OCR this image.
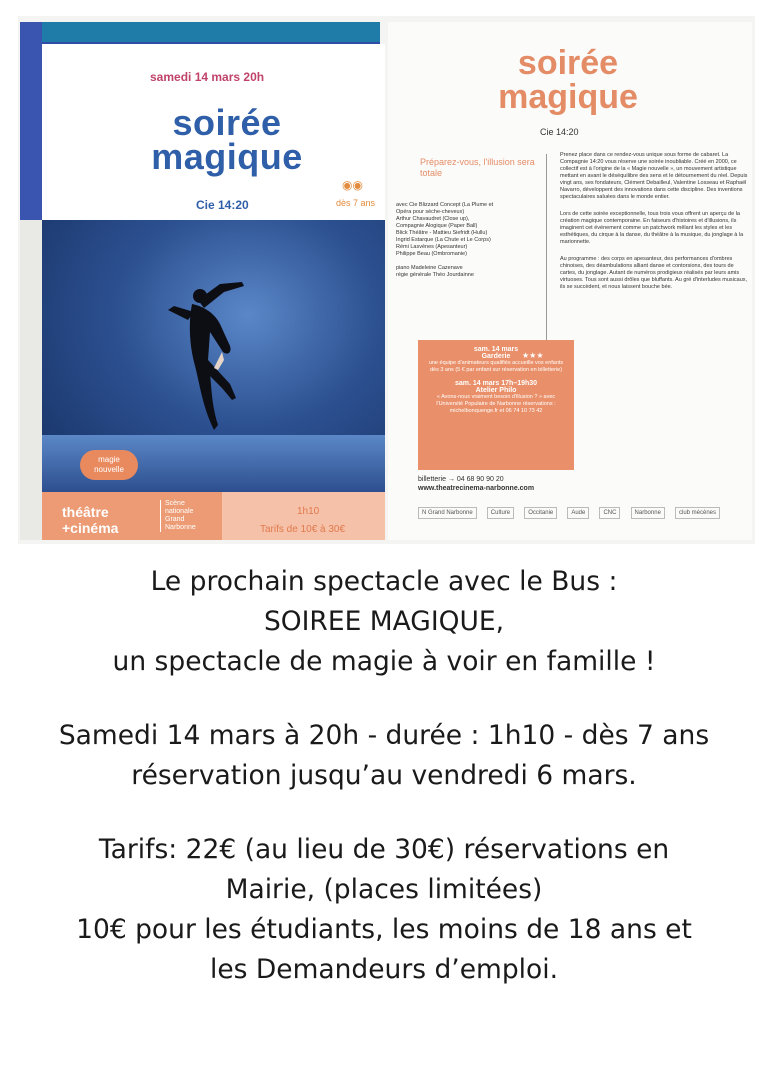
samedi 14 mars 20h
soirée
magique
Cie 14:20
◉◉
dès 7 ans
magie
nouvelle
théâtre
+cinéma
Scène
nationale
Grand
Narbonne
1h10
Tarifs de 10€ à 30€
soirée
magique
Cie 14:20
Préparez-vous, l'illusion sera totale
avec Cie Blizzard Concept (La Plume et
Opéra pour sèche-cheveux)
Arthur Chavaudret (Close up),
Compagnie Alogique (Paper Ball)
Blick Théâtre - Mattieu Siefridt (Hullu)
Ingrid Estarque (La Chute et Le Corps)
Rémi Lasvènes (Apesanteur)
Philippe Beau (Ombromanie)
piano Madeleine Cazenave
régie générale Théo Jourdainne

Prenez place dans ce rendez-vous unique sous forme de cabaret. La Compagnie 14:20 vous réserve une soirée inoubliable. Créé en 2000, ce collectif est à l'origine de la « Magie nouvelle », un mouvement artistique mettant en avant le déséquilibre des sens et le détournement du réel. Depuis vingt ans, ses fondateurs, Clément Debailleul, Valentine Losseau et Raphaël Navarro, développent des innovations dans cette discipline. Des inventions spectaculaires saluées dans le monde entier.

Lors de cette soirée exceptionnelle, tous trois vous offrent un aperçu de la création magique contemporaine. En faiseurs d'histoires et d'illusions, ils imaginent cet événement comme un patchwork mêlant les styles et les esthétiques, du cirque à la danse, du théâtre à la musique, du jonglage à la marionnette.

Au programme : des corps en apesanteur, des performances d'ombres chinoises, des déambulations alliant danse et contorsions, des tours de cartes, du jonglage. Autant de numéros prodigieux réalisés par leurs amis virtuoses. Tous sont aussi drôles que bluffants. Au gré d'interludes musicaux, ils se succèdent, et nous laissent bouche bée.

sam. 14 mars
Garderie	★★★
une équipe d'animateurs qualifiés accueille vos enfants dès 3 ans (5 € par enfant sur réservation en billetterie)
sam. 14 mars 17h–19h30
Atelier Philo
« Avons-nous vraiment besoin d'illusion ? » avec l'Université Populaire de Narbonne réservations : michelbonquenge.fr et 06 74 10 73 42
billetterie → 04 68 90 90 20
www.theatrecinema-narbonne.com
N Grand Narbonne	Culture	Occitanie	Aude	CNC	Narbonne	club mécènes
Le prochain spectacle avec le Bus :
SOIREE MAGIQUE,
un spectacle de magie à voir en famille !
Samedi 14 mars à 20h - durée : 1h10 - dès 7 ans
réservation jusqu’au vendredi 6 mars.
Tarifs: 22€ (au lieu de 30€) réservations en
Mairie, (places limitées)
10€ pour les étudiants, les moins de 18 ans et
les Demandeurs d’emploi.
